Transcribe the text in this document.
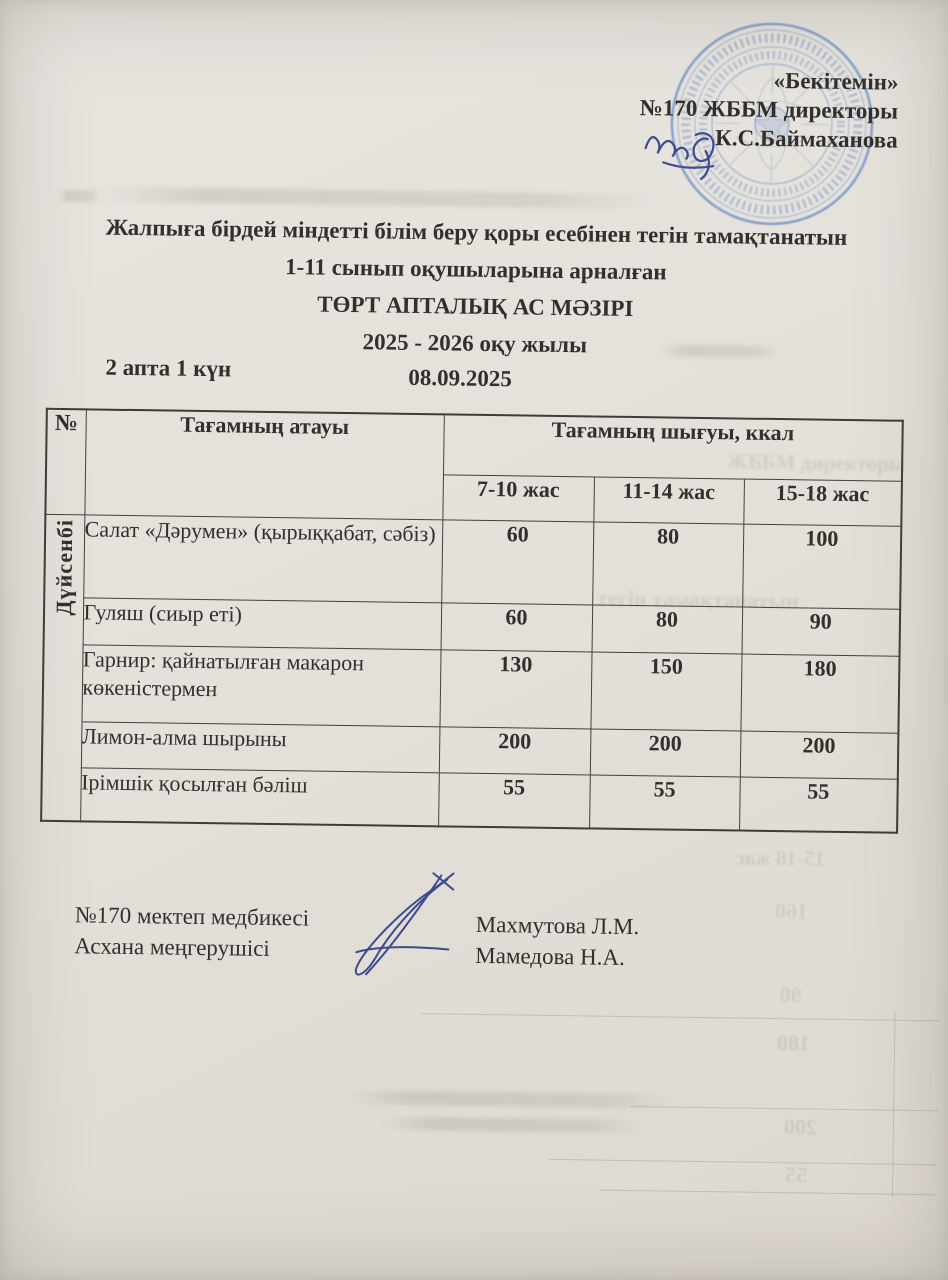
ЖББМ директоры
тегін тамақтанатын
15-18 жас
160
90
180
200
55
«Бекітемін»
№170 ЖББМ директоры
К.С.Баймаханова
Жалпыға бірдей міндетті білім беру қоры есебінен тегін тамақтанатын
1-11 сынып оқушыларына арналған
ТӨРТ АПТАЛЫҚ АС МӘЗІРІ
2025 - 2026 оқу жылы
2 апта 1 күн	08.09.2025
№	Тағамның атауы	Тағамның шығуы, ккал		
		7-10 жас	11-14 жас	15-18 жас
Дүйсенбі	Салат «Дәрумен» (қырыққабат, сәбіз)	60	80	100
	Гуляш (сиыр еті)	60	80	90
	Гарнир: қайнатылған макарон көкеністермен	130	150	180
	Лимон-алма шырыны	200	200	200
	Ірімшік қосылған бәліш	55	55	55
№170 мектеп медбикесі
Асхана меңгерушісі
Махмутова Л.М.
Мамедова Н.А.
